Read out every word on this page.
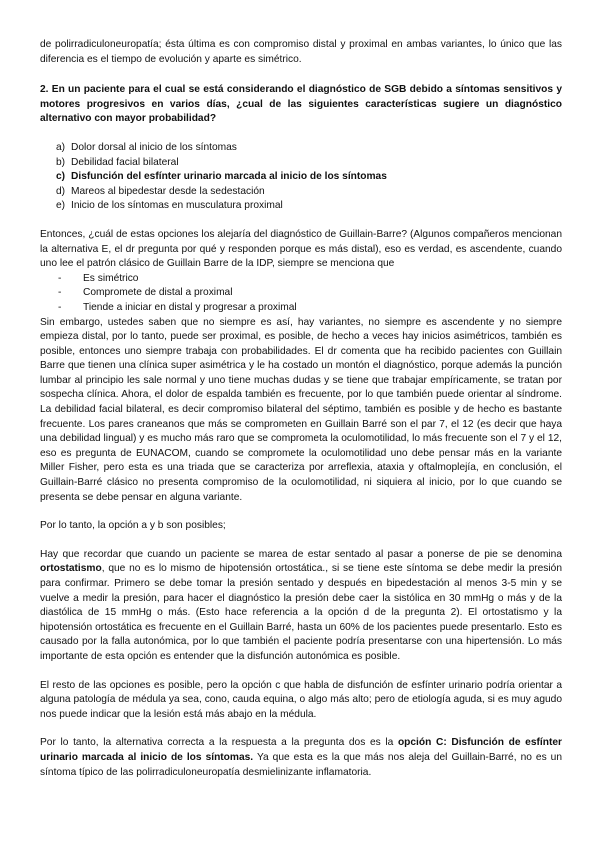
de polirradiculoneuropatía; ésta última es con compromiso distal y proximal en ambas variantes, lo único que las diferencia es el tiempo de evolución y aparte es simétrico.

2. En un paciente para el cual se está considerando el diagnóstico de SGB debido a síntomas sensitivos y motores progresivos en varios días, ¿cual de las siguientes características sugiere un diagnóstico alternativo con mayor probabilidad?

a) Dolor dorsal al inicio de los síntomas
b) Debilidad facial bilateral
c) Disfunción del esfínter urinario marcada al inicio de los síntomas
d) Mareos al bipedestar desde la sedestación
e) Inicio de los síntomas en musculatura proximal

Entonces, ¿cuál de estas opciones los alejaría del diagnóstico de Guillain-Barre? (Algunos compañeros mencionan la alternativa E, el dr pregunta por qué y responden porque es más distal), eso es verdad, es ascendente, cuando uno lee el patrón clásico de Guillain Barre de la IDP, siempre se menciona que

- Es simétrico
- Compromete de distal a proximal
- Tiende a iniciar en distal y progresar a proximal

Sin embargo, ustedes saben que no siempre es así, hay variantes, no siempre es ascendente y no siempre empieza distal, por lo tanto, puede ser proximal, es posible, de hecho a veces hay inicios asimétricos, también es posible, entonces uno siempre trabaja con probabilidades. El dr comenta que ha recibido pacientes con Guillain Barre que tienen una clínica super asimétrica y le ha costado un montón el diagnóstico, porque además la punción lumbar al principio les sale normal y uno tiene muchas dudas y se tiene que trabajar empíricamente, se tratan por sospecha clínica. Ahora, el dolor de espalda también es frecuente, por lo que también puede orientar al síndrome. La debilidad facial bilateral, es decir compromiso bilateral del séptimo, también es posible y de hecho es bastante frecuente. Los pares craneanos que más se comprometen en Guillain Barré son el par 7, el 12 (es decir que haya una debilidad lingual) y es mucho más raro que se comprometa la oculomotilidad, lo más frecuente son el 7 y el 12, eso es pregunta de EUNACOM, cuando se compromete la oculomotilidad uno debe pensar más en la variante Miller Fisher, pero esta es una triada que se caracteriza por arreflexia, ataxia y oftalmoplejía, en conclusión, el Guillain-Barré clásico no presenta compromiso de la oculomotilidad, ni siquiera al inicio, por lo que cuando se presenta se debe pensar en alguna variante.

Por lo tanto, la opción a y b son posibles;

Hay que recordar que cuando un paciente se marea de estar sentado al pasar a ponerse de pie se denomina ortostatismo, que no es lo mismo de hipotensión ortostática., si se tiene este síntoma se debe medir la presión para confirmar. Primero se debe tomar la presión sentado y después en bipedestación al menos 3-5 min y se vuelve a medir la presión, para hacer el diagnóstico la presión debe caer la sistólica en 30 mmHg o más y de la diastólica de 15 mmHg o más. (Esto hace referencia a la opción d de la pregunta 2). El ortostatismo y la hipotensión ortostática es frecuente en el Guillain Barré, hasta un 60% de los pacientes puede presentarlo. Esto es causado por la falla autonómica, por lo que también el paciente podría presentarse con una hipertensión. Lo más importante de esta opción es entender que la disfunción autonómica es posible.

El resto de las opciones es posible, pero la opción c que habla de disfunción de esfínter urinario podría orientar a alguna patología de médula ya sea, cono, cauda equina, o algo más alto; pero de etiología aguda, si es muy agudo nos puede indicar que la lesión está más abajo en la médula.

Por lo tanto, la alternativa correcta a la respuesta a la pregunta dos es la opción C: Disfunción de esfínter urinario marcada al inicio de los síntomas. Ya que esta es la que más nos aleja del Guillain-Barré, no es un síntoma típico de las polirradiculoneuropatía desmielinizante inflamatoria.
